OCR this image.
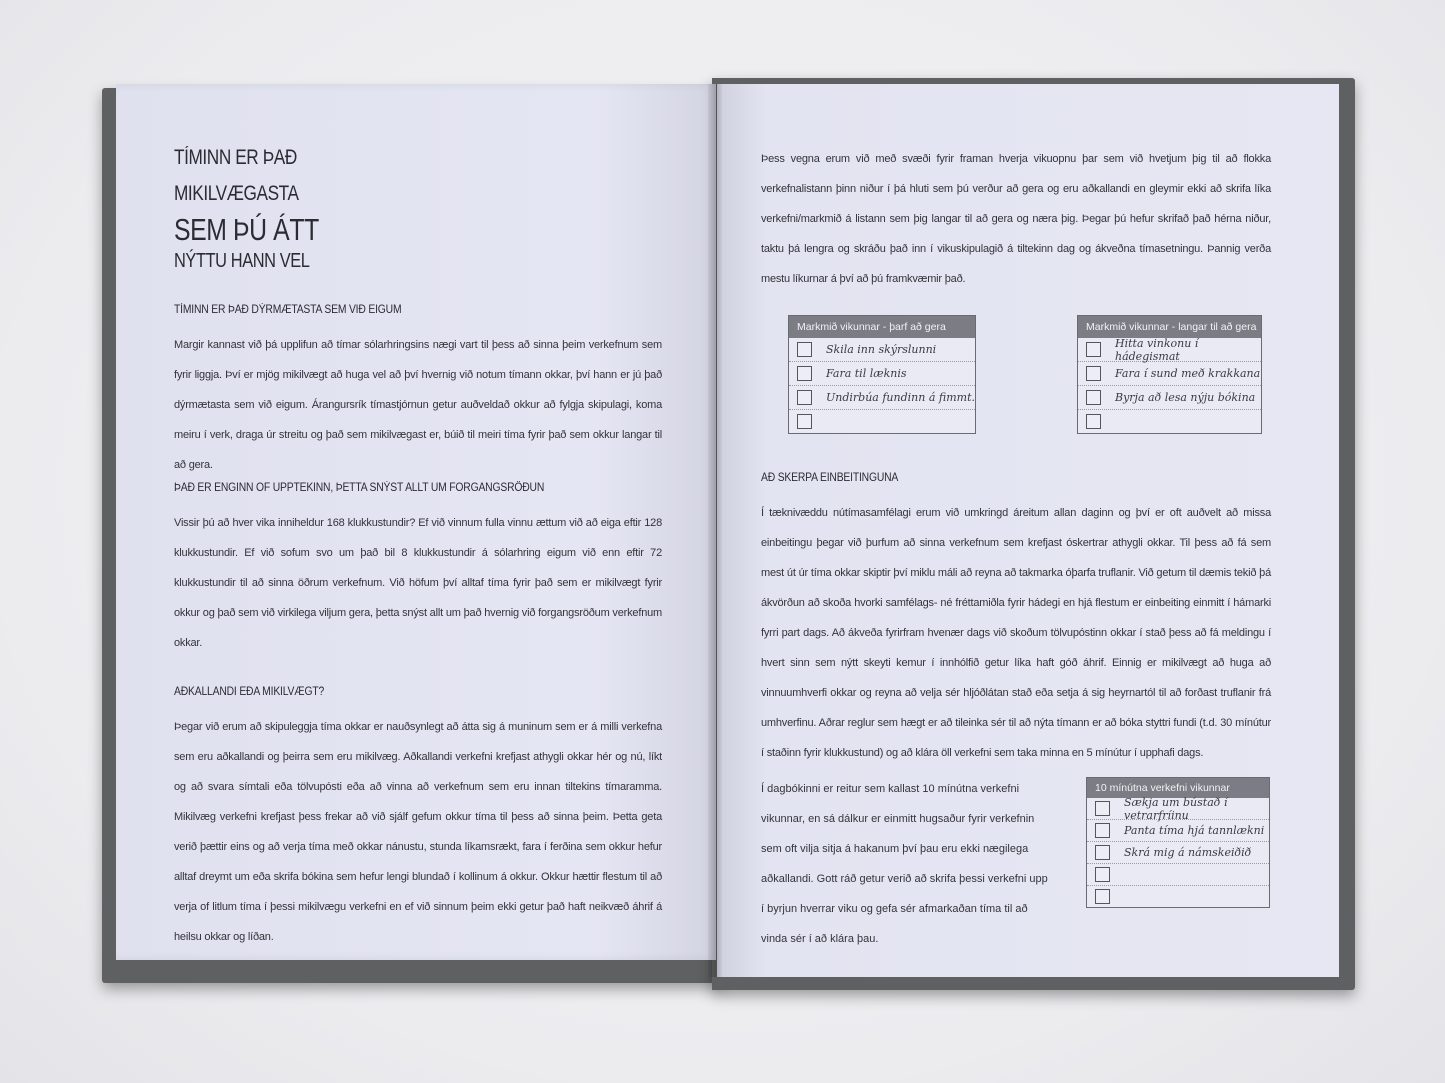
TÍMINN ER ÞAÐ
MIKILVÆGASTA
SEM ÞÚ ÁTT
NÝTTU HANN VEL
TÍMINN ER ÞAÐ DÝRMÆTASTA SEM VIÐ EIGUM
Margir kannast við þá upplifun að tímar sólarhringsins nægi vart til þess að sinna þeim verkefnum sem fyrir liggja. Því er mjög mikilvægt að huga vel að því hvernig við notum tímann okkar, því hann er jú það dýrmætasta sem við eigum. Árangursrík tímastjórnun getur auðveldað okkur að fylgja skipulagi, koma meiru í verk, draga úr streitu og það sem mikilvægast er, búið til meiri tíma fyrir það sem okkur langar til að gera.
ÞAÐ ER ENGINN OF UPPTEKINN, ÞETTA SNÝST ALLT UM FORGANGSRÖÐUN
Vissir þú að hver vika inniheldur 168 klukkustundir? Ef við vinnum fulla vinnu ættum við að eiga eftir 128 klukkustundir. Ef við sofum svo um það bil 8 klukkustundir á sólarhring eigum við enn eftir 72 klukkustundir til að sinna öðrum verkefnum. Við höfum því alltaf tíma fyrir það sem er mikilvægt fyrir okkur og það sem við virkilega viljum gera, þetta snýst allt um það hvernig við forgangsröðum verkefnum okkar.
AÐKALLANDI EÐA MIKILVÆGT?
Þegar við erum að skipuleggja tíma okkar er nauðsynlegt að átta sig á muninum sem er á milli verkefna sem eru aðkallandi og þeirra sem eru mikilvæg. Aðkallandi verkefni krefjast athygli okkar hér og nú, líkt og að svara símtali eða tölvupósti eða að vinna að verkefnum sem eru innan tiltekins tímaramma. Mikilvæg verkefni krefjast þess frekar að við sjálf gefum okkur tíma til þess að sinna þeim. Þetta geta verið þættir eins og að verja tíma með okkar nánustu, stunda líkamsrækt, fara í ferðina sem okkur hefur alltaf dreymt um eða skrifa bókina sem hefur lengi blundað í kollinum á okkur. Okkur hættir flestum til að verja of litlum tíma í þessi mikilvægu verkefni en ef við sinnum þeim ekki getur það haft neikvæð áhrif á heilsu okkar og líðan.
Þess vegna erum við með svæði fyrir framan hverja vikuopnu þar sem við hvetjum þig til að flokka verkefnalistann þinn niður í þá hluti sem þú verður að gera og eru aðkallandi en gleymir ekki að skrifa líka verkefni/markmið á listann sem þig langar til að gera og næra þig. Þegar þú hefur skrifað það hérna niður, taktu þá lengra og skráðu það inn í vikuskipulagið á tiltekinn dag og ákveðna tímasetningu. Þannig verða mestu líkurnar á því að þú framkvæmir það.
Markmið vikunnar - þarf að gera
Skila inn skýrslunni
Fara til læknis
Undirbúa fundinn á fimmt.
Markmið vikunnar - langar til að gera
Hitta vinkonu í hádegismat
Fara í sund með krakkana
Byrja að lesa nýju bókina
AÐ SKERPA EINBEITINGUNA
Í tæknivæddu nútímasamfélagi erum við umkringd áreitum allan daginn og því er oft auðvelt að missa einbeitingu þegar við þurfum að sinna verkefnum sem krefjast óskertrar athygli okkar. Til þess að fá sem mest út úr tíma okkar skiptir því miklu máli að reyna að takmarka óþarfa truflanir. Við getum til dæmis tekið þá ákvörðun að skoða hvorki samfélags- né fréttamiðla fyrir hádegi en hjá flestum er einbeiting einmitt í hámarki fyrri part dags. Að ákveða fyrirfram hvenær dags við skoðum tölvupóstinn okkar í stað þess að fá meldingu í hvert sinn sem nýtt skeyti kemur í innhólfið getur líka haft góð áhrif. Einnig er mikilvægt að huga að vinnuumhverfi okkar og reyna að velja sér hljóðlátan stað eða setja á sig heyrnartól til að forðast truflanir frá umhverfinu. Aðrar reglur sem hægt er að tileinka sér til að nýta tímann er að bóka styttri fundi (t.d. 30 mínútur í staðinn fyrir klukkustund) og að klára öll verkefni sem taka minna en 5 mínútur í upphafi dags.
Í dagbókinni er reitur sem kallast 10 mínútna verkefni vikunnar, en sá dálkur er einmitt hugsaður fyrir verkefnin sem oft vilja sitja á hakanum því þau eru ekki nægilega aðkallandi. Gott ráð getur verið að skrifa þessi verkefni upp í byrjun hverrar viku og gefa sér afmarkaðan tíma til að vinda sér í að klára þau.
10 mínútna verkefni vikunnar
Sækja um bústað í vetrarfríinu
Panta tíma hjá tannlækni
Skrá mig á námskeiðið
